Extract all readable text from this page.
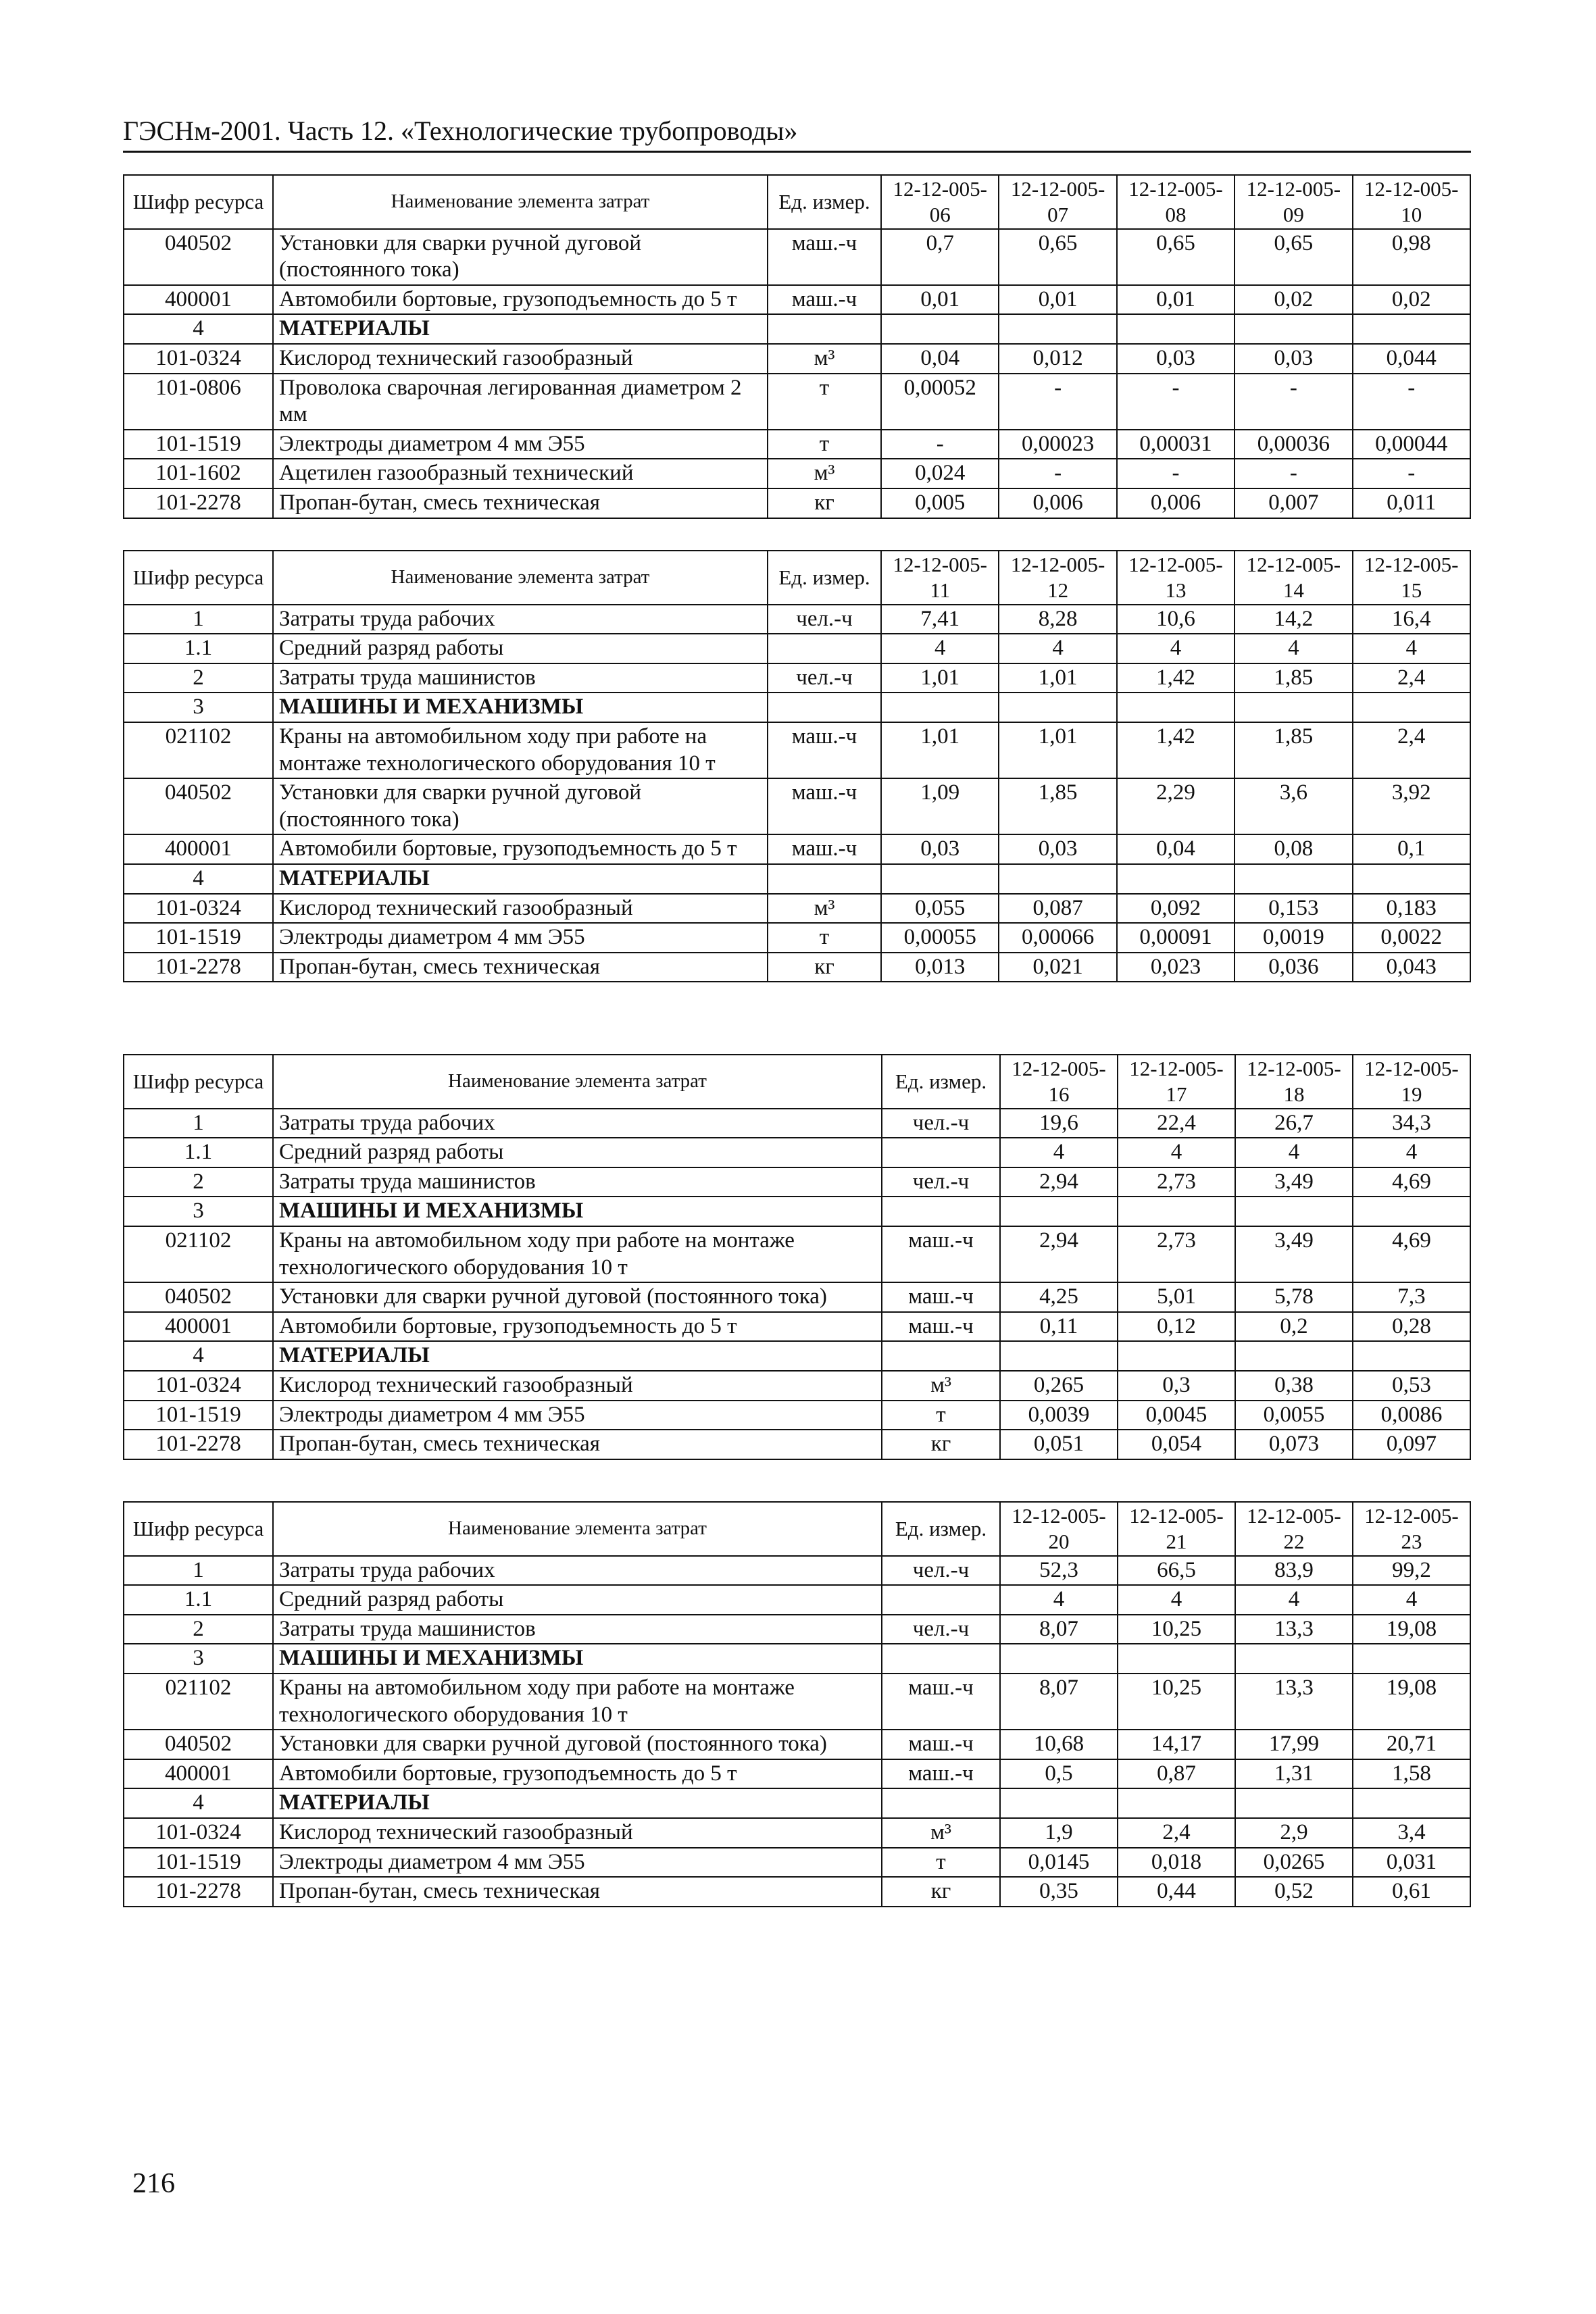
ГЭСНм-2001. Часть 12. «Технологические трубопроводы»
Шифр ресурса	Наименование элемента затрат	Ед. измер.	12-12-005-06	12-12-005-07	12-12-005-08	12-12-005-09	12-12-005-10
040502	Установки для сварки ручной дуговой (постоянного тока)	маш.-ч	0,7	0,65	0,65	0,65	0,98
400001	Автомобили бортовые, грузоподъемность до 5 т	маш.-ч	0,01	0,01	0,01	0,02	0,02
4	МАТЕРИАЛЫ						
101-0324	Кислород технический газообразный	м³	0,04	0,012	0,03	0,03	0,044
101-0806	Проволока сварочная легированная диаметром 2 мм	т	0,00052	-	-	-	-
101-1519	Электроды диаметром 4 мм Э55	т	-	0,00023	0,00031	0,00036	0,00044
101-1602	Ацетилен газообразный технический	м³	0,024	-	-	-	-
101-2278	Пропан-бутан, смесь техническая	кг	0,005	0,006	0,006	0,007	0,011
Шифр ресурса	Наименование элемента затрат	Ед. измер.	12-12-005-11	12-12-005-12	12-12-005-13	12-12-005-14	12-12-005-15
1	Затраты труда рабочих	чел.-ч	7,41	8,28	10,6	14,2	16,4
1.1	Средний разряд работы		4	4	4	4	4
2	Затраты труда машинистов	чел.-ч	1,01	1,01	1,42	1,85	2,4
3	МАШИНЫ И МЕХАНИЗМЫ						
021102	Краны на автомобильном ходу при работе на монтаже технологического оборудования 10 т	маш.-ч	1,01	1,01	1,42	1,85	2,4
040502	Установки для сварки ручной дуговой (постоянного тока)	маш.-ч	1,09	1,85	2,29	3,6	3,92
400001	Автомобили бортовые, грузоподъемность до 5 т	маш.-ч	0,03	0,03	0,04	0,08	0,1
4	МАТЕРИАЛЫ						
101-0324	Кислород технический газообразный	м³	0,055	0,087	0,092	0,153	0,183
101-1519	Электроды диаметром 4 мм Э55	т	0,00055	0,00066	0,00091	0,0019	0,0022
101-2278	Пропан-бутан, смесь техническая	кг	0,013	0,021	0,023	0,036	0,043
Шифр ресурса	Наименование элемента затрат	Ед. измер.	12-12-005-16	12-12-005-17	12-12-005-18	12-12-005-19
1	Затраты труда рабочих	чел.-ч	19,6	22,4	26,7	34,3
1.1	Средний разряд работы		4	4	4	4
2	Затраты труда машинистов	чел.-ч	2,94	2,73	3,49	4,69
3	МАШИНЫ И МЕХАНИЗМЫ					
021102	Краны на автомобильном ходу при работе на монтаже технологического оборудования 10 т	маш.-ч	2,94	2,73	3,49	4,69
040502	Установки для сварки ручной дуговой (постоянного тока)	маш.-ч	4,25	5,01	5,78	7,3
400001	Автомобили бортовые, грузоподъемность до 5 т	маш.-ч	0,11	0,12	0,2	0,28
4	МАТЕРИАЛЫ					
101-0324	Кислород технический газообразный	м³	0,265	0,3	0,38	0,53
101-1519	Электроды диаметром 4 мм Э55	т	0,0039	0,0045	0,0055	0,0086
101-2278	Пропан-бутан, смесь техническая	кг	0,051	0,054	0,073	0,097
Шифр ресурса	Наименование элемента затрат	Ед. измер.	12-12-005-20	12-12-005-21	12-12-005-22	12-12-005-23
1	Затраты труда рабочих	чел.-ч	52,3	66,5	83,9	99,2
1.1	Средний разряд работы		4	4	4	4
2	Затраты труда машинистов	чел.-ч	8,07	10,25	13,3	19,08
3	МАШИНЫ И МЕХАНИЗМЫ					
021102	Краны на автомобильном ходу при работе на монтаже технологического оборудования 10 т	маш.-ч	8,07	10,25	13,3	19,08
040502	Установки для сварки ручной дуговой (постоянного тока)	маш.-ч	10,68	14,17	17,99	20,71
400001	Автомобили бортовые, грузоподъемность до 5 т	маш.-ч	0,5	0,87	1,31	1,58
4	МАТЕРИАЛЫ					
101-0324	Кислород технический газообразный	м³	1,9	2,4	2,9	3,4
101-1519	Электроды диаметром 4 мм Э55	т	0,0145	0,018	0,0265	0,031
101-2278	Пропан-бутан, смесь техническая	кг	0,35	0,44	0,52	0,61
216
